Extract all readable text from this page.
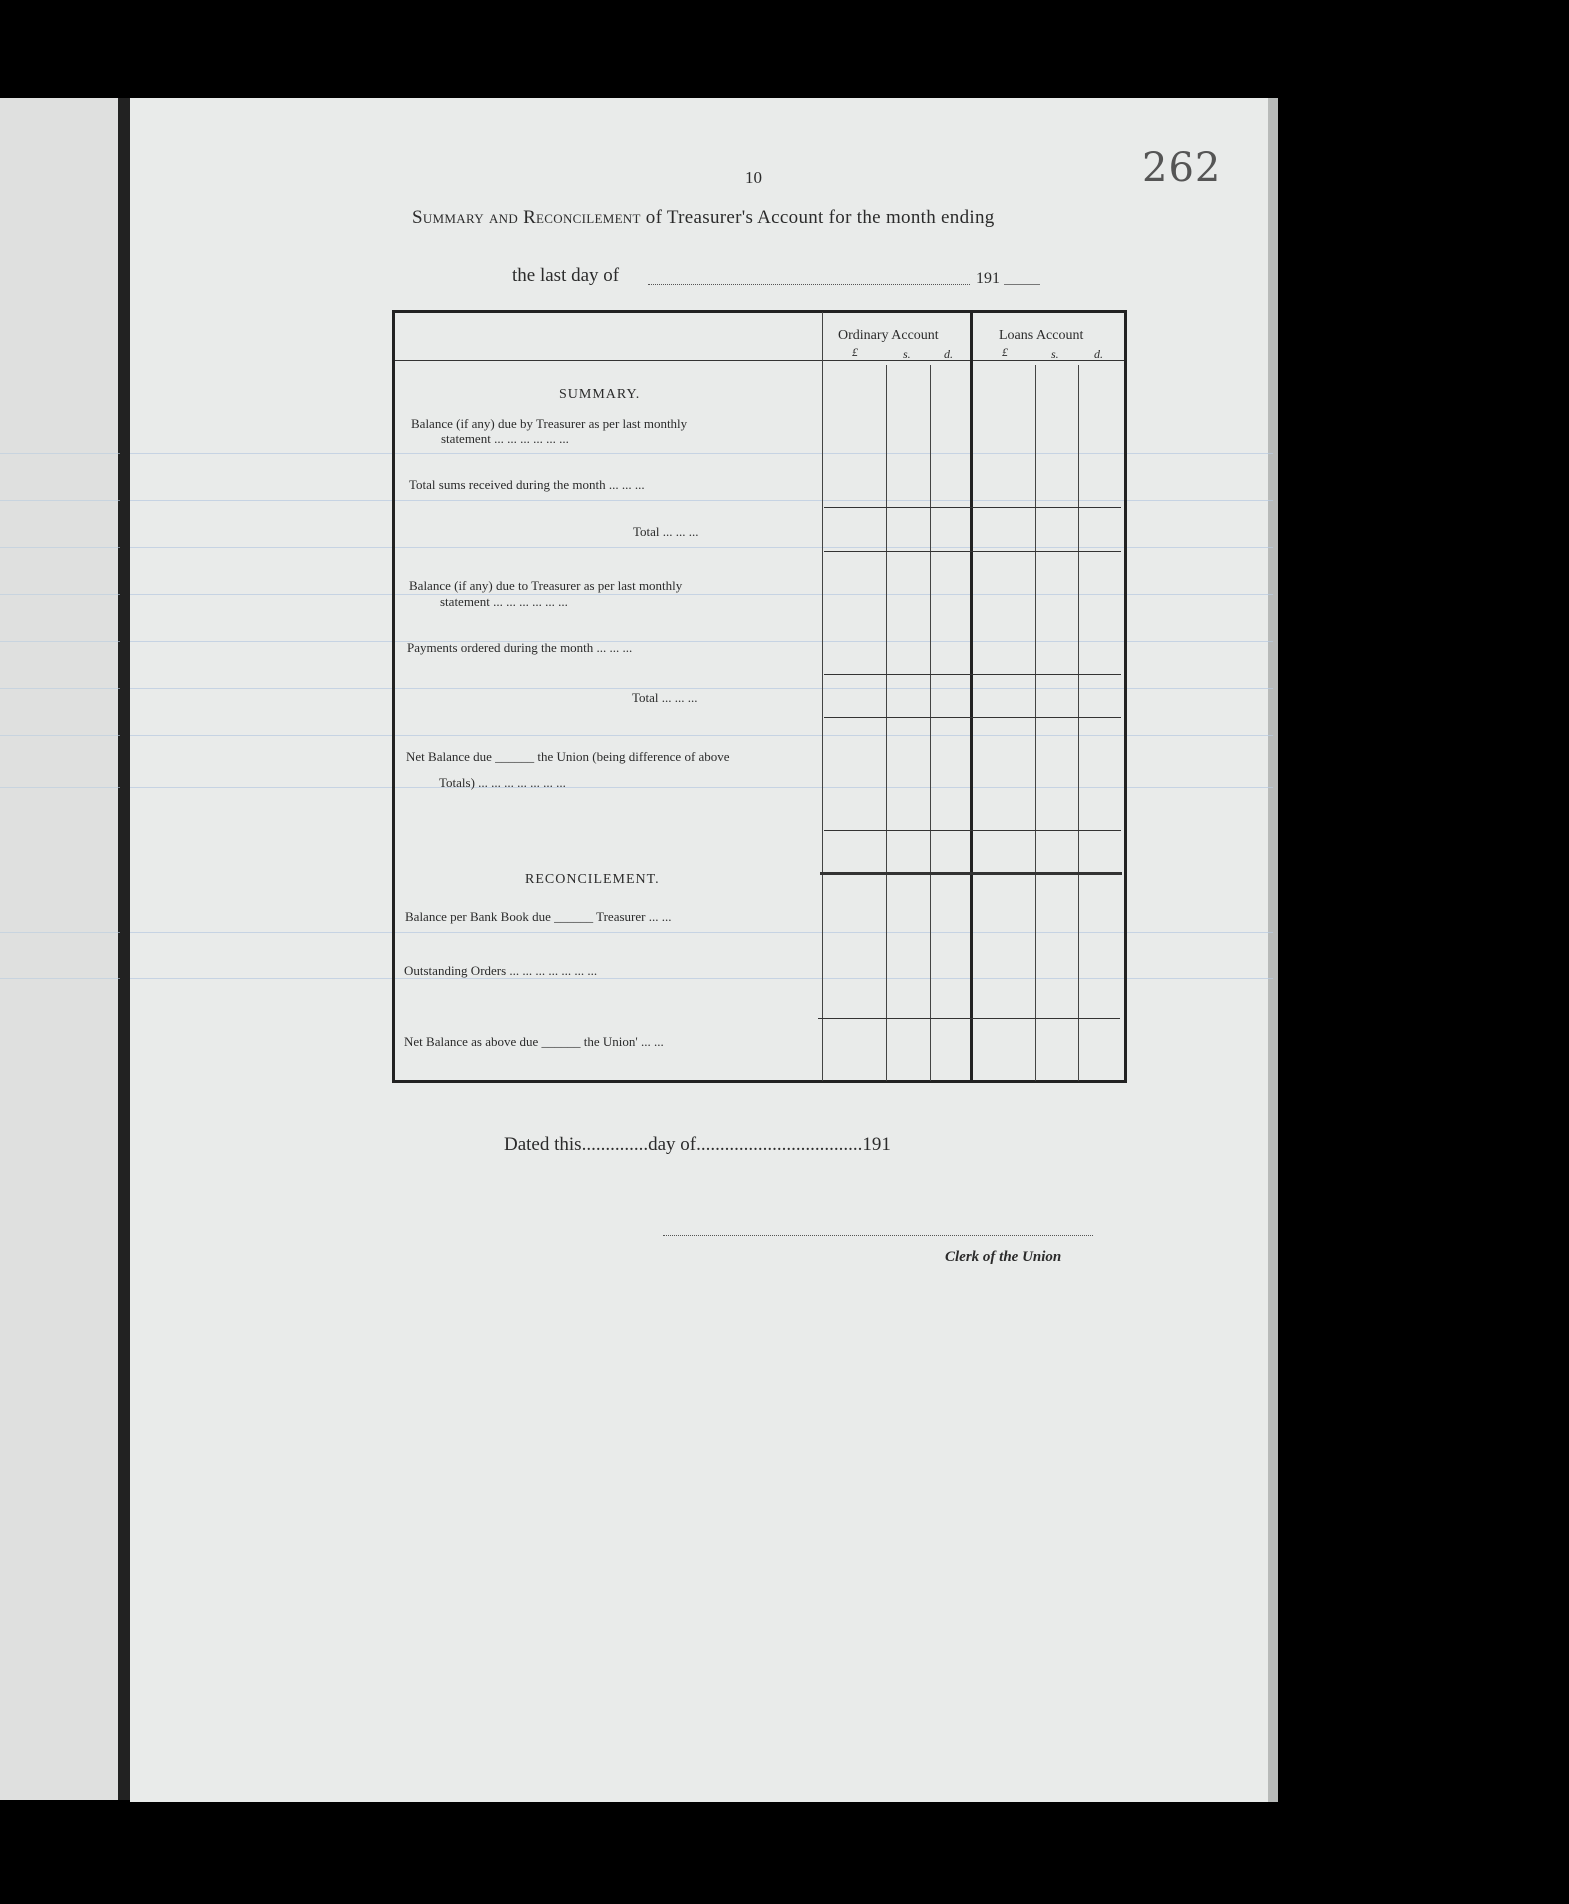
10	262
Summary and Reconcilement of Treasurer's Account for the month ending
the last day of	191
Ordinary Account	Loans Account
£	s.	d.	£	s.	d.
SUMMARY.
Balance (if any) due by Treasurer as per last monthly
statement ... ... ... ... ... ...
Total sums received during the month ... ... ...
Total ... ... ...
Balance (if any) due to Treasurer as per last monthly
statement ... ... ... ... ... ...
Payments ordered during the month ... ... ...
Total ... ... ...
Net Balance due ______ the Union (being difference of above
Totals) ... ... ... ... ... ... ...
RECONCILEMENT.
Balance per Bank Book due ______ Treasurer ... ...
Outstanding Orders ... ... ... ... ... ... ...
Net Balance as above due ______ the Union' ... ...
Dated this..............day of...................................191
Clerk of the Union
